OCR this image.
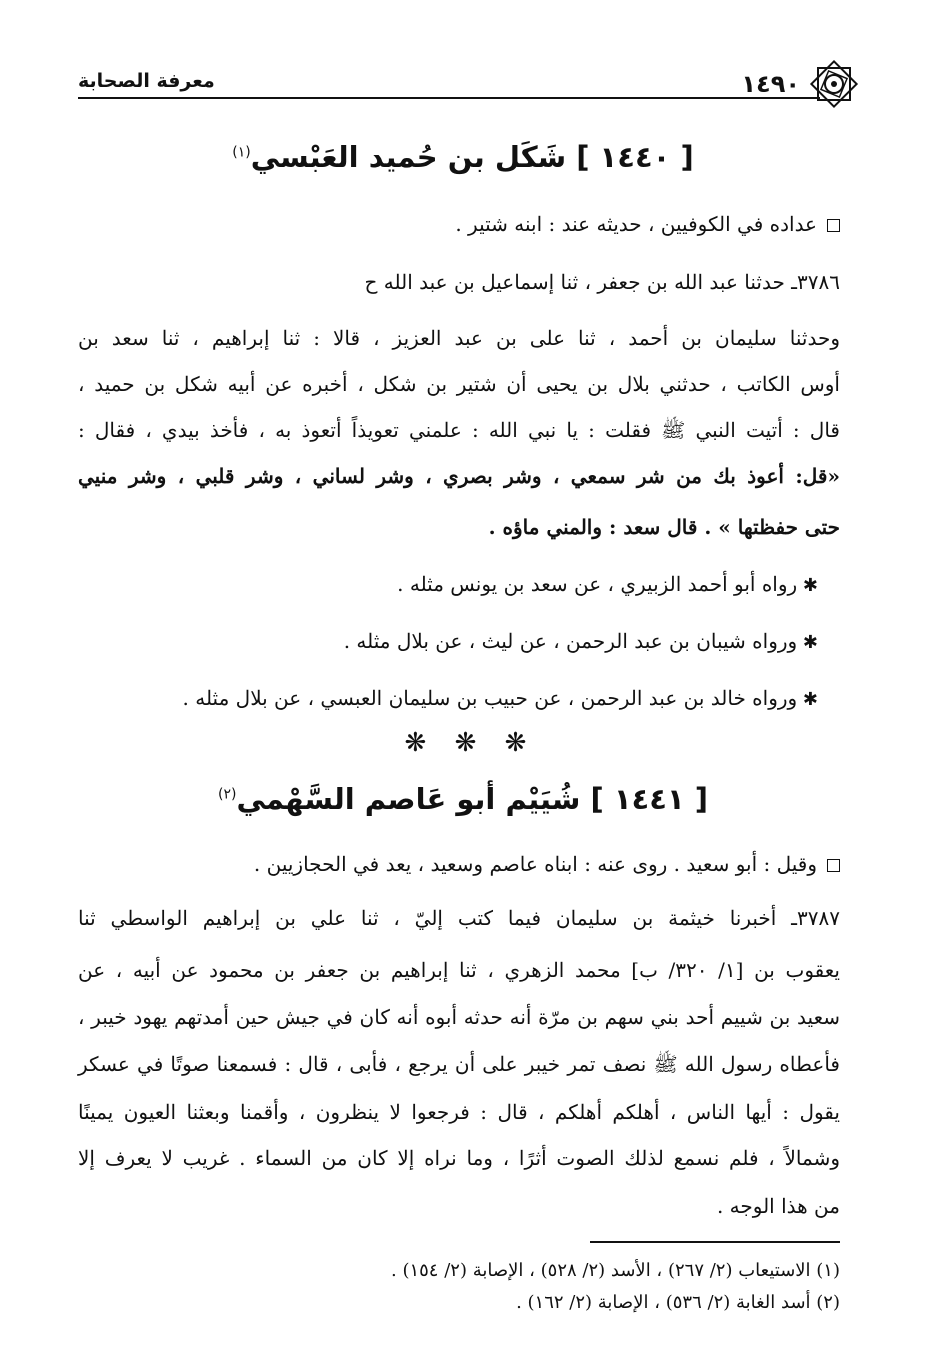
١٤٩٠
معرفة الصحابة
[ ١٤٤٠ ] شَكَل بن حُميد العَبْسي$^{(١)}$
عداده في الكوفيين ، حديثه عند : ابنه شتير .
٣٧٨٦ـ حدثنا عبد الله بن جعفر ، ثنا إسماعيل بن عبد الله ح
وحدثنا سليمان بن أحمد ، ثنا على بن عبد العزيز ، قالا : ثنا إبراهيم ، ثنا سعد بن
أوس الكاتب ، حدثني بلال بن يحيى أن شتير بن شكل ، أخبره عن أبيه شكل بن حميد ،
قال : أتيت النبي ﷺ فقلت : يا نبي الله : علمني تعويذاً أتعوذ به ، فأخذ بيدي ، فقال :
«قل: أعوذ بك من شر سمعي ، وشر بصري ، وشر لساني ، وشر قلبي ، وشر منيي
حتى حفظتها » . قال سعد : والمني ماؤه .
✱ رواه أبو أحمد الزبيري ، عن سعد بن يونس مثله .
✱ ورواه شيبان بن عبد الرحمن ، عن ليث ، عن بلال مثله .
✱ ورواه خالد بن عبد الرحمن ، عن حبيب بن سليمان العبسي ، عن بلال مثله .
❋ ❋ ❋
[ ١٤٤١ ] شُيَيْم أبو عَاصم السَّهْمي$^{(٢)}$
وقيل : أبو سعيد . روى عنه : ابناه عاصم وسعيد ، يعد في الحجازيين .
٣٧٨٧ـ أخبرنا خيثمة بن سليمان فيما كتب إليّ ، ثنا علي بن إبراهيم الواسطي ثنا
يعقوب بن [١/ ٣٢٠/ ب] محمد الزهري ، ثنا إبراهيم بن جعفر بن محمود عن أبيه ، عن
سعيد بن شييم أحد بني سهم بن مرّة أنه حدثه أبوه أنه كان في جيش حين أمدتهم يهود خيبر ،
فأعطاه رسول الله ﷺ نصف تمر خيبر على أن يرجع ، فأبى ، قال : فسمعنا صوتًا في عسكر
يقول : أيها الناس ، أهلكم أهلكم ، قال : فرجعوا لا ينظرون ، وأقمنا وبعثنا العيون يمينًا
وشمالاً ، فلم نسمع لذلك الصوت أثرًا ، وما نراه إلا كان من السماء . غريب لا يعرف إلا
من هذا الوجه .
(١) الاستيعاب (٢/ ٢٦٧) ، الأسد (٢/ ٥٢٨) ، الإصابة (٢/ ١٥٤) .
(٢) أسد الغابة (٢/ ٥٣٦) ، الإصابة (٢/ ١٦٢) .
